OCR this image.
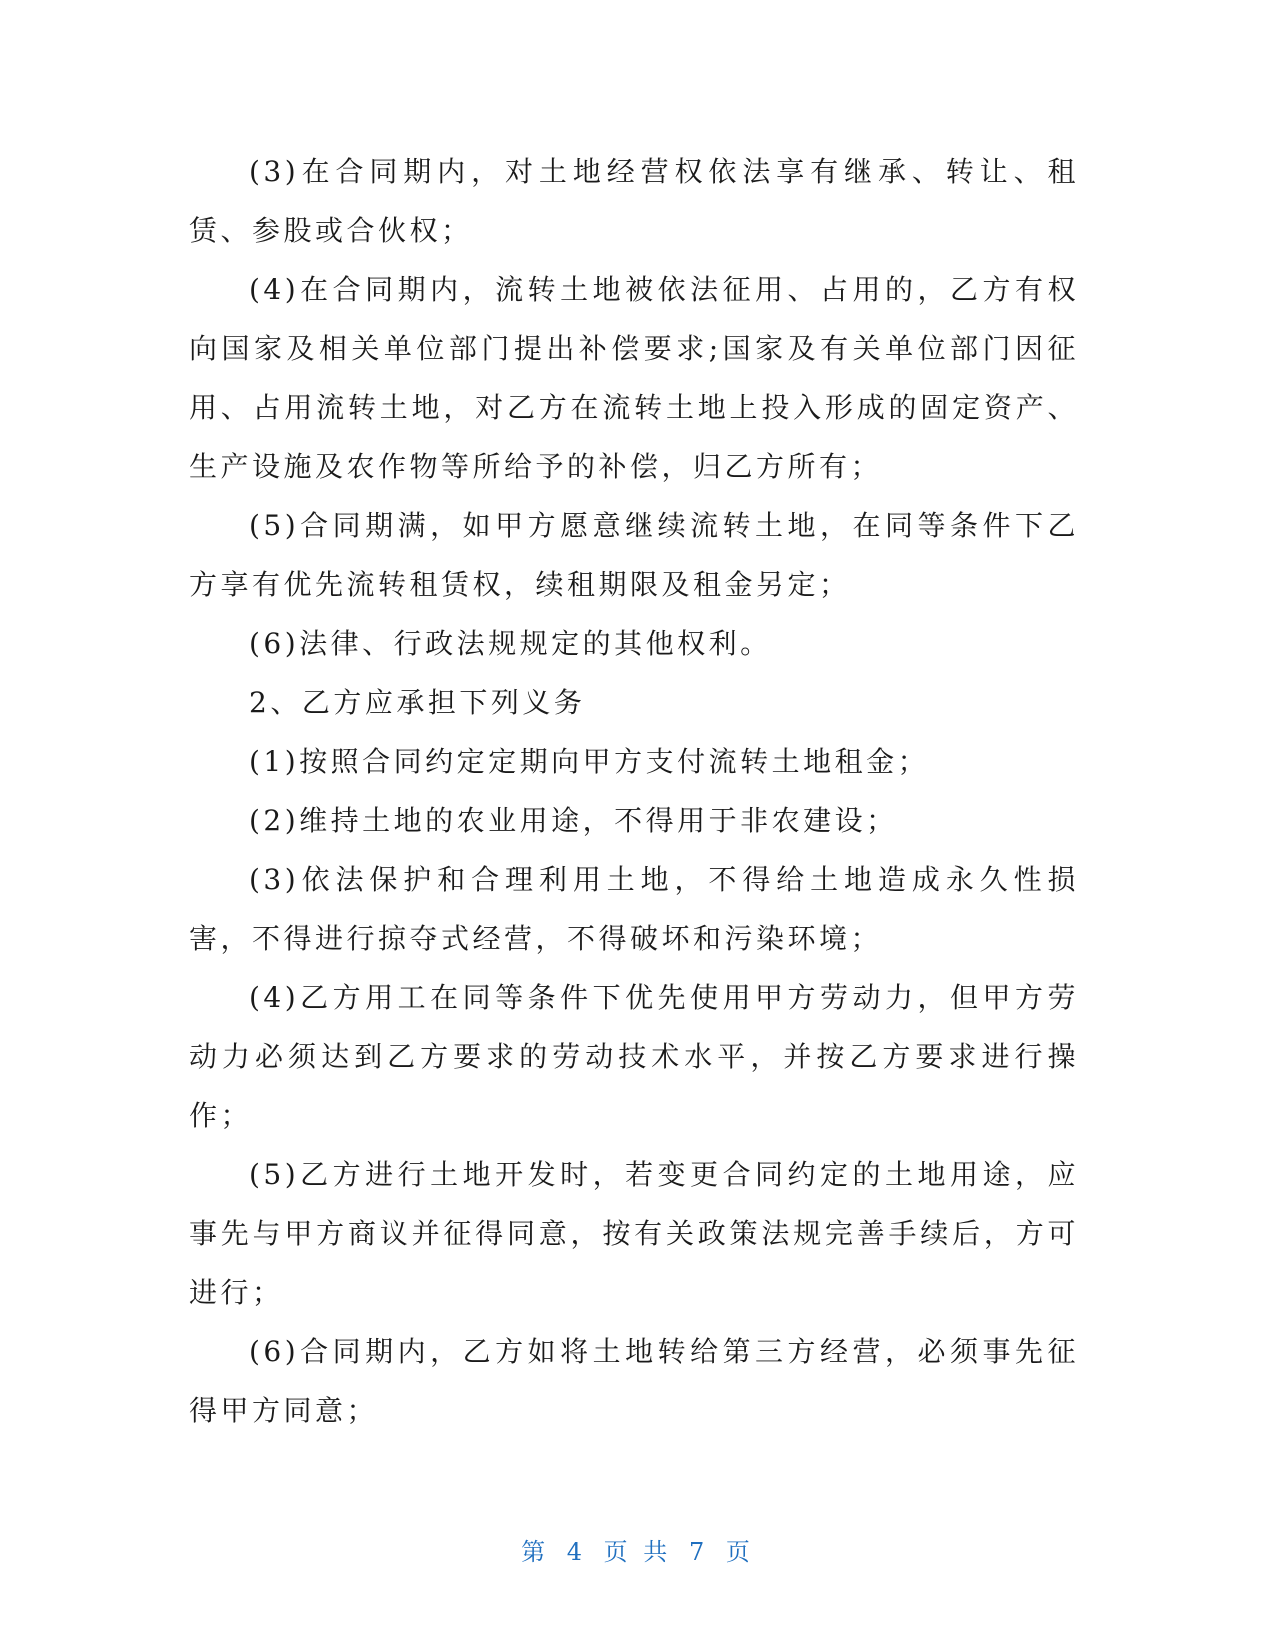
(3)在合同期内，对土地经营权依法享有继承、转让、租赁、参股或合伙权；

(4)在合同期内，流转土地被依法征用、占用的，乙方有权向国家及相关单位部门提出补偿要求;国家及有关单位部门因征用、占用流转土地，对乙方在流转土地上投入形成的固定资产、生产设施及农作物等所给予的补偿，归乙方所有；

(5)合同期满，如甲方愿意继续流转土地，在同等条件下乙方享有优先流转租赁权，续租期限及租金另定；

(6)法律、行政法规规定的其他权利。

2、乙方应承担下列义务

(1)按照合同约定定期向甲方支付流转土地租金；

(2)维持土地的农业用途，不得用于非农建设；

(3)依法保护和合理利用土地，不得给土地造成永久性损害，不得进行掠夺式经营，不得破坏和污染环境；

(4)乙方用工在同等条件下优先使用甲方劳动力，但甲方劳动力必须达到乙方要求的劳动技术水平，并按乙方要求进行操作；

(5)乙方进行土地开发时，若变更合同约定的土地用途，应事先与甲方商议并征得同意，按有关政策法规完善手续后，方可进行；

(6)合同期内，乙方如将土地转给第三方经营，必须事先征得甲方同意；

第 4 页 共 7 页
